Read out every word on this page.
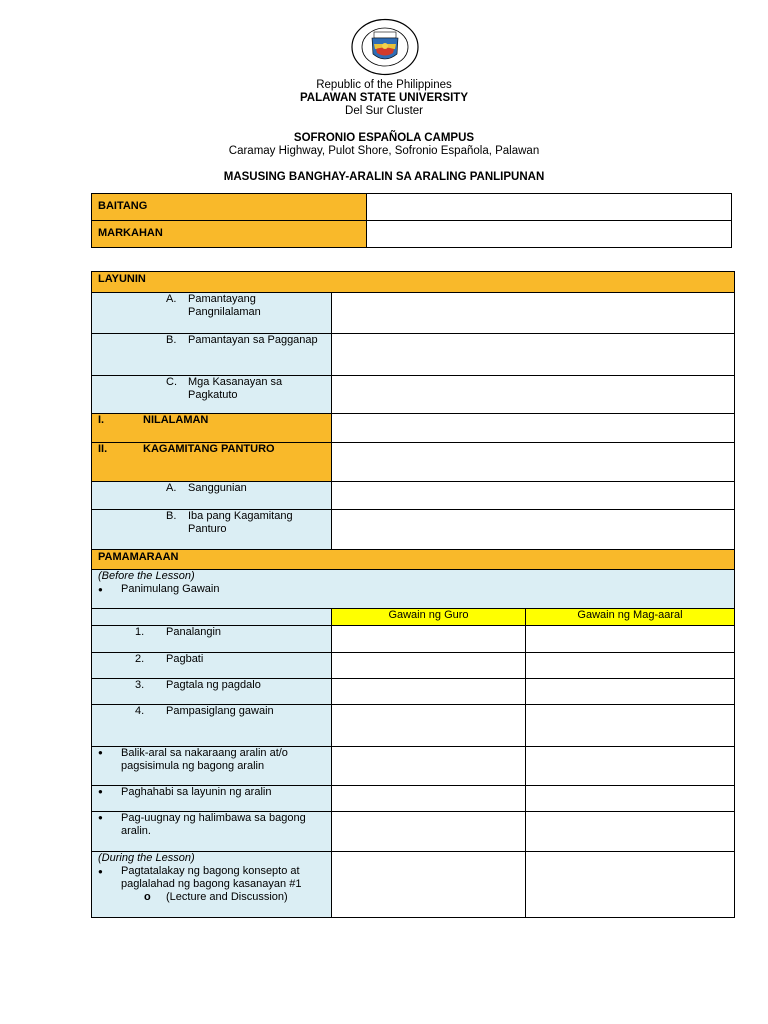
Republic of the Philippines
PALAWAN STATE UNIVERSITY
Del Sur Cluster
SOFRONIO ESPAÑOLA CAMPUS
Caramay Highway, Pulot Shore, Sofronio Española, Palawan
MASUSING BANGHAY-ARALIN SA ARALING PANLIPUNAN
BAITANG	

MARKAHAN	

LAYUNIN		

A. Pamantayang Pangnilalaman		

B. Pamantayan sa Pagganap		

C. Mga Kasanayan sa Pagkatuto		

I. NILALAMAN		

II. KAGAMITANG PANTURO		

A. Sanggunian		

B. Iba pang Kagamitang Panturo		

PAMAMARAAN		

(Before the Lesson)
● Panimulang Gawain		

	Gawain ng Guro	Gawain ng Mag-aaral

1. Panalangin		

2. Pagbati		

3. Pagtala ng pagdalo		

4. Pampasiglang gawain		

● Balik-aral sa nakaraang aralin at/o pagsisimula ng bagong aralin		

● Paghahabi sa layunin ng aralin		

● Pag-uugnay ng halimbawa sa bagong aralin.		

(During the Lesson)
● Pagtatalakay ng bagong konsepto at paglalahad ng bagong kasanayan #1
o (Lecture and Discussion)		
